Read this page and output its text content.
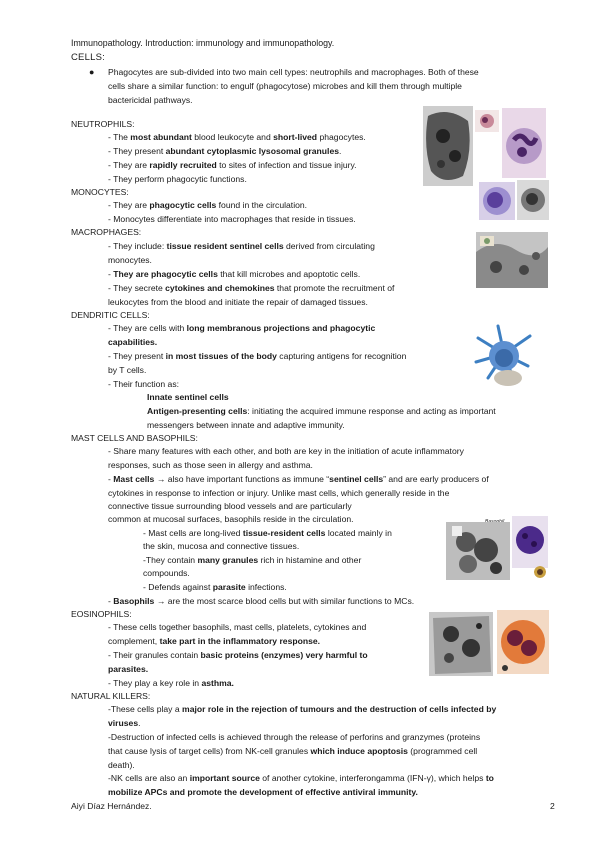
Immunopathology. Introduction: immunology and immunopathology.
CELLS:
● Phagocytes are sub-divided into two main cell types: neutrophils and macrophages. Both of these
cells share a similar function: to engulf (phagocytose) microbes and kill them through multiple
bactericidal pathways.
NEUTROPHILS:
- The most abundant blood leukocyte and short-lived phagocytes.
- They present abundant cytoplasmic lysosomal granules.
- They are rapidly recruited to sites of infection and tissue injury.
- They perform phagocytic functions.
MONOCYTES:
- They are phagocytic cells found in the circulation.
- Monocytes differentiate into macrophages that reside in tissues.
MACROPHAGES:
- They include: tissue resident sentinel cells derived from circulating
monocytes.
- They are phagocytic cells that kill microbes and apoptotic cells.
- They secrete cytokines and chemokines that promote the recruitment of
leukocytes from the blood and initiate the repair of damaged tissues.
DENDRITIC CELLS:
- They are cells with long membranous projections and phagocytic
capabilities.
- They present in most tissues of the body capturing antigens for recognition
by T cells.
- Their function as:
Innate sentinel cells
Antigen-presenting cells: initiating the acquired immune response and acting as important
messengers between innate and adaptive immunity.
MAST CELLS AND BASOPHILS:
- Share many features with each other, and both are key in the initiation of acute inflammatory
responses, such as those seen in allergy and asthma.
- Mast cells → also have important functions as immune “sentinel cells” and are early producers of
cytokines in response to infection or injury. Unlike mast cells, which generally reside in the
connective tissue surrounding blood vessels and are particularly
common at mucosal surfaces, basophils reside in the circulation.
- Mast cells are long-lived tissue-resident cells located mainly in
the skin, mucosa and connective tissues.
-They contain many granules rich in histamine and other
compounds.
- Defends against parasite infections.
- Basophils → are the most scarce blood cells but with similar functions to MCs.
EOSINOPHILS:
- These cells together basophils, mast cells, platelets, cytokines and
complement, take part in the inflammatory response.
- Their granules contain basic proteins (enzymes) very harmful to
parasites.
- They play a key role in asthma.
NATURAL KILLERS:
-These cells play a major role in the rejection of tumours and the destruction of cells infected by
viruses.
-Destruction of infected cells is achieved through the release of perforins and granzymes (proteins
that cause lysis of target cells) from NK-cell granules which induce apoptosis (programmed cell
death).
-NK cells are also an important source of another cytokine, interferongamma (IFN-γ), which helps to
mobilize APCs and promote the development of effective antiviral immunity.
Aiyi Díaz Hernández.	2
